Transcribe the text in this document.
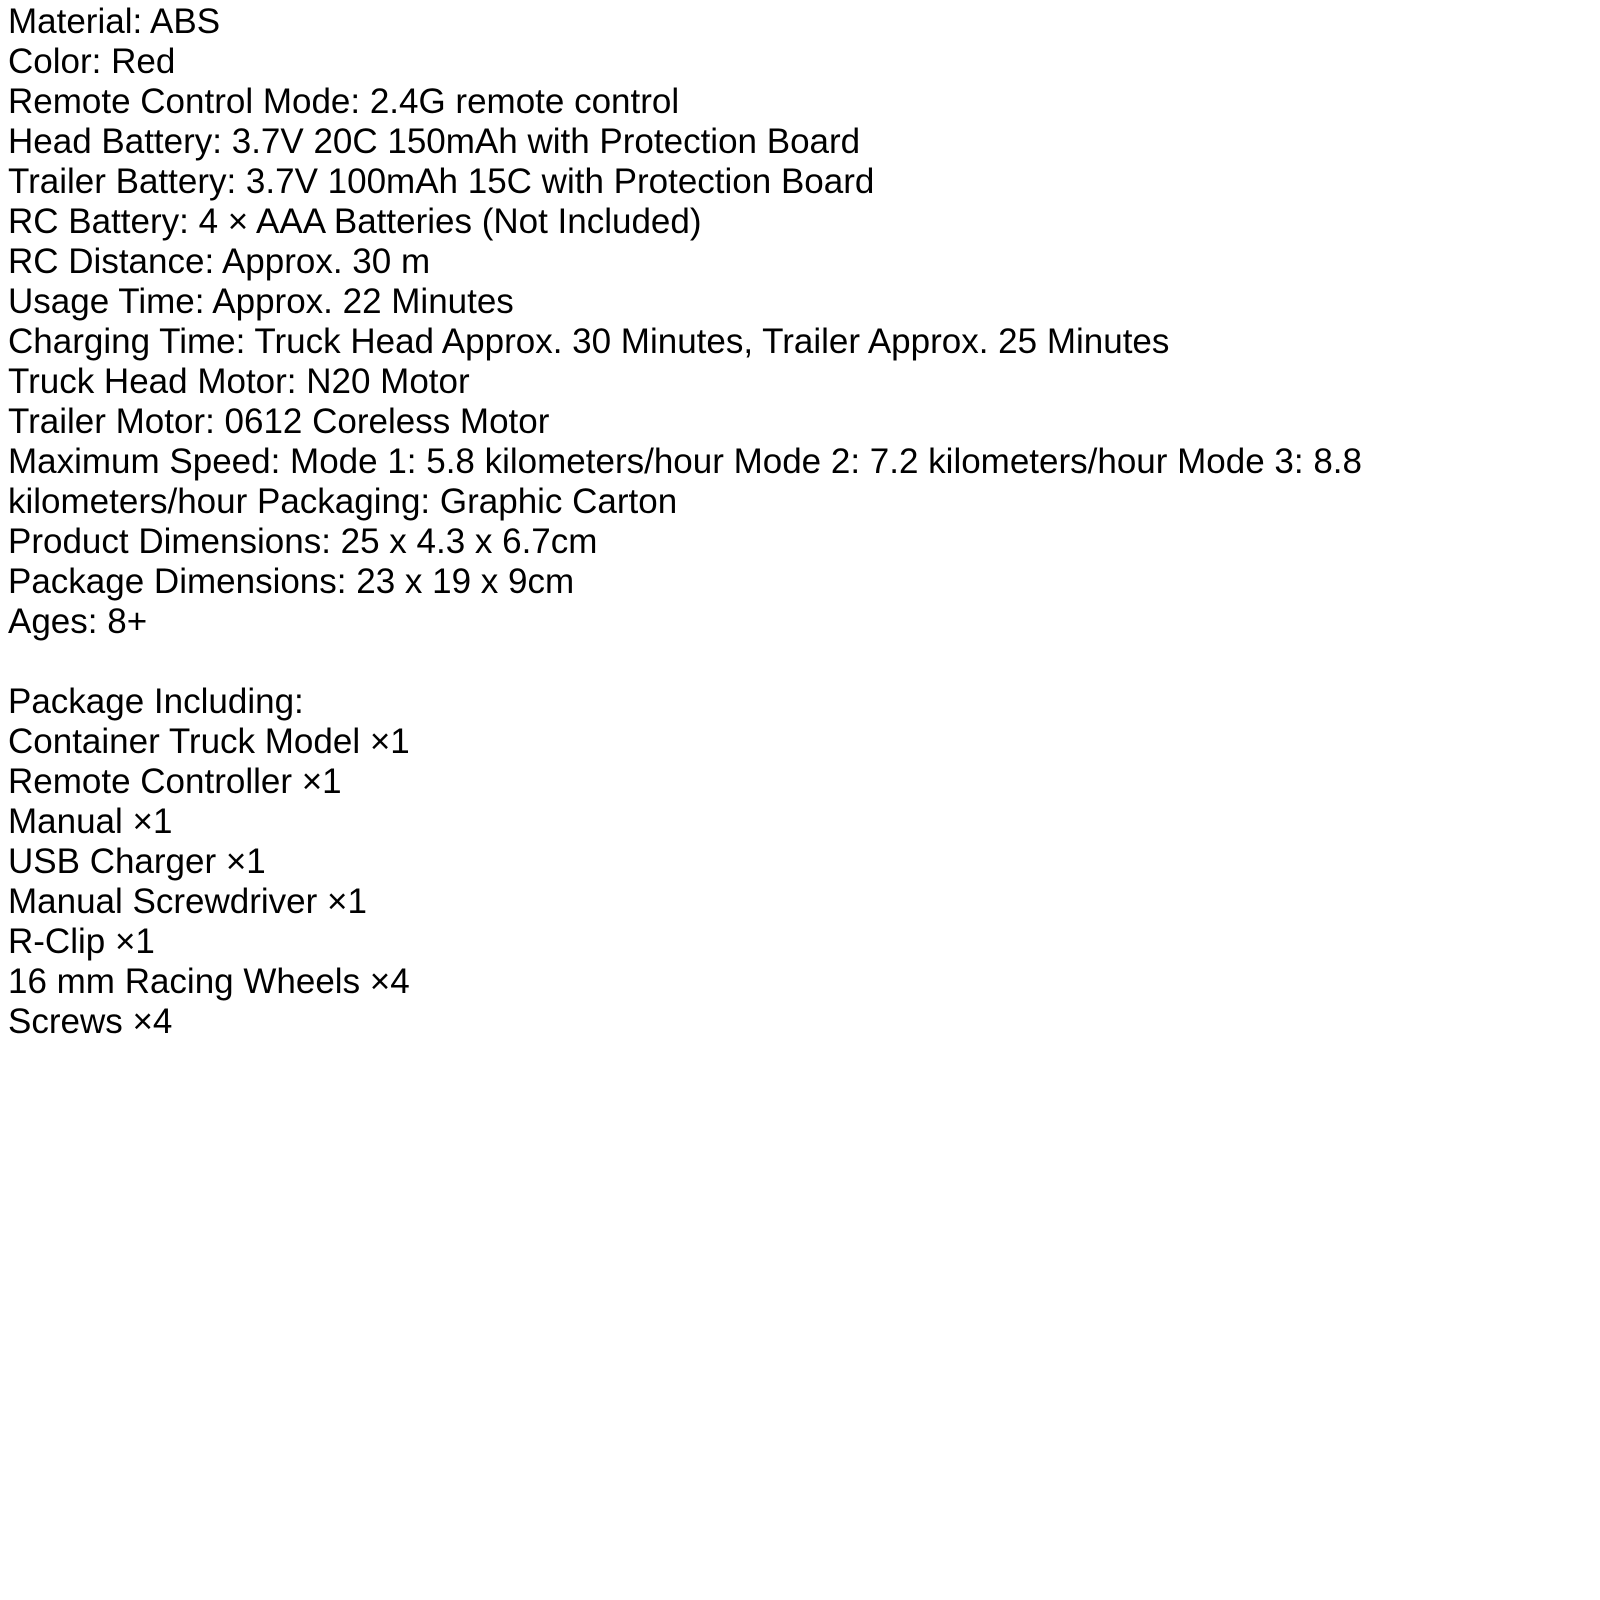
Material: ABS
Color: Red
Remote Control Mode: 2.4G remote control
Head Battery: 3.7V 20C 150mAh with Protection Board
Trailer Battery: 3.7V 100mAh 15C with Protection Board
RC Battery: 4 × AAA Batteries (Not Included)
RC Distance: Approx. 30 m
Usage Time: Approx. 22 Minutes
Charging Time: Truck Head Approx. 30 Minutes, Trailer Approx. 25 Minutes
Truck Head Motor: N20 Motor
Trailer Motor: 0612 Coreless Motor
Maximum Speed: Mode 1: 5.8 kilometers/hour Mode 2: 7.2 kilometers/hour Mode 3: 8.8 kilometers/hour Packaging: Graphic Carton
Product Dimensions: 25 x 4.3 x 6.7cm
Package Dimensions: 23 x 19 x 9cm
Ages: 8+
Package Including:
Container Truck Model ×1
Remote Controller ×1
Manual ×1
USB Charger ×1
Manual Screwdriver ×1
R-Clip ×1
16 mm Racing Wheels ×4
Screws ×4
